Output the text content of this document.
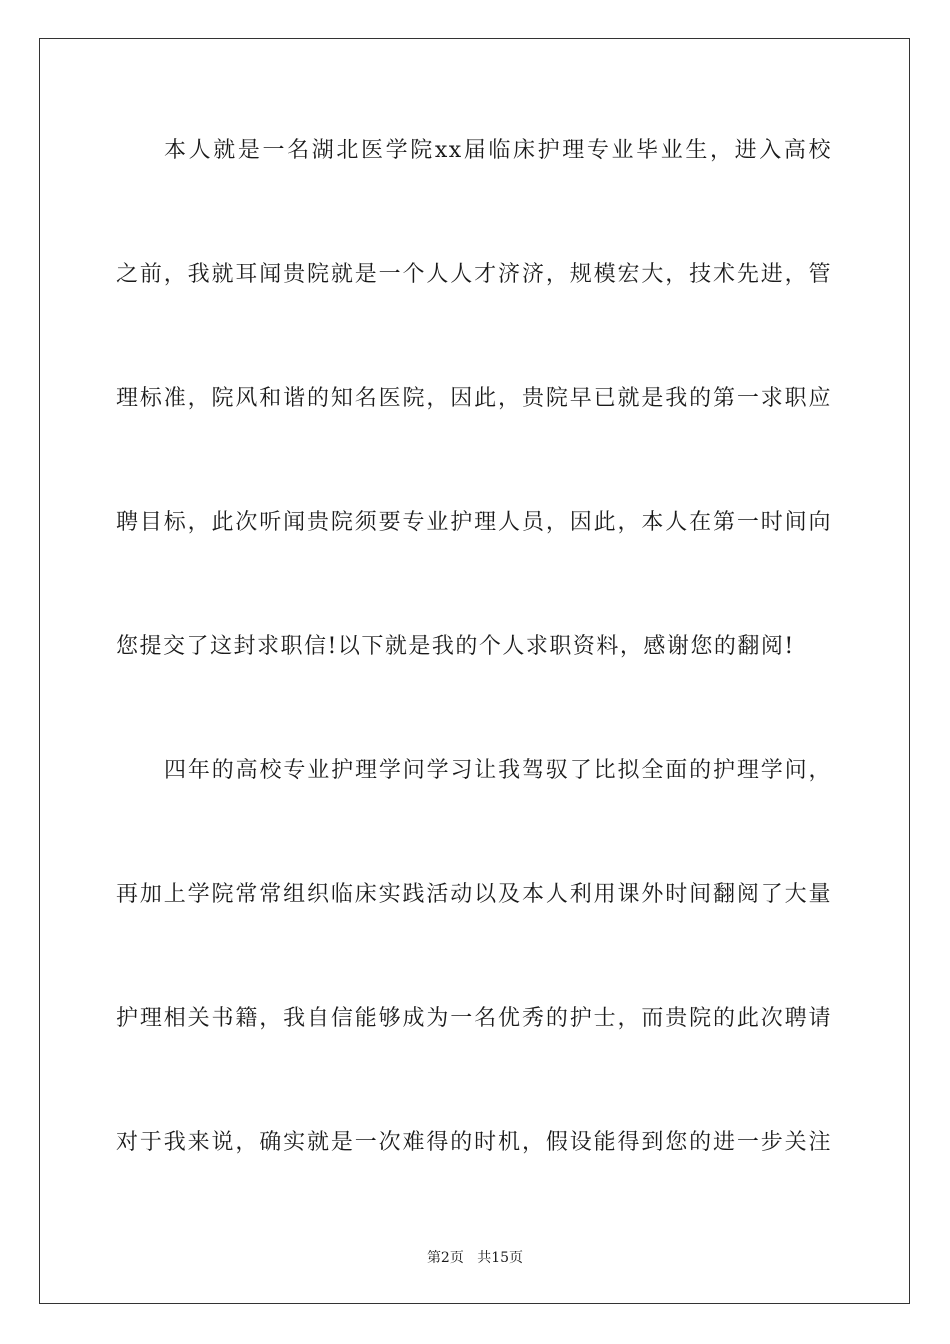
本人就是一名湖北医学院xx届临床护理专业毕业生，进入高校
之前，我就耳闻贵院就是一个人人才济济，规模宏大，技术先进，管
理标准，院风和谐的知名医院，因此，贵院早已就是我的第一求职应
聘目标，此次听闻贵院须要专业护理人员，因此，本人在第一时间向
您提交了这封求职信!以下就是我的个人求职资料，感谢您的翻阅!
四年的高校专业护理学问学习让我驾驭了比拟全面的护理学问，
再加上学院常常组织临床实践活动以及本人利用课外时间翻阅了大量
护理相关书籍，我自信能够成为一名优秀的护士，而贵院的此次聘请
对于我来说，确实就是一次难得的时机，假设能得到您的进一步关注
第2页 共15页
